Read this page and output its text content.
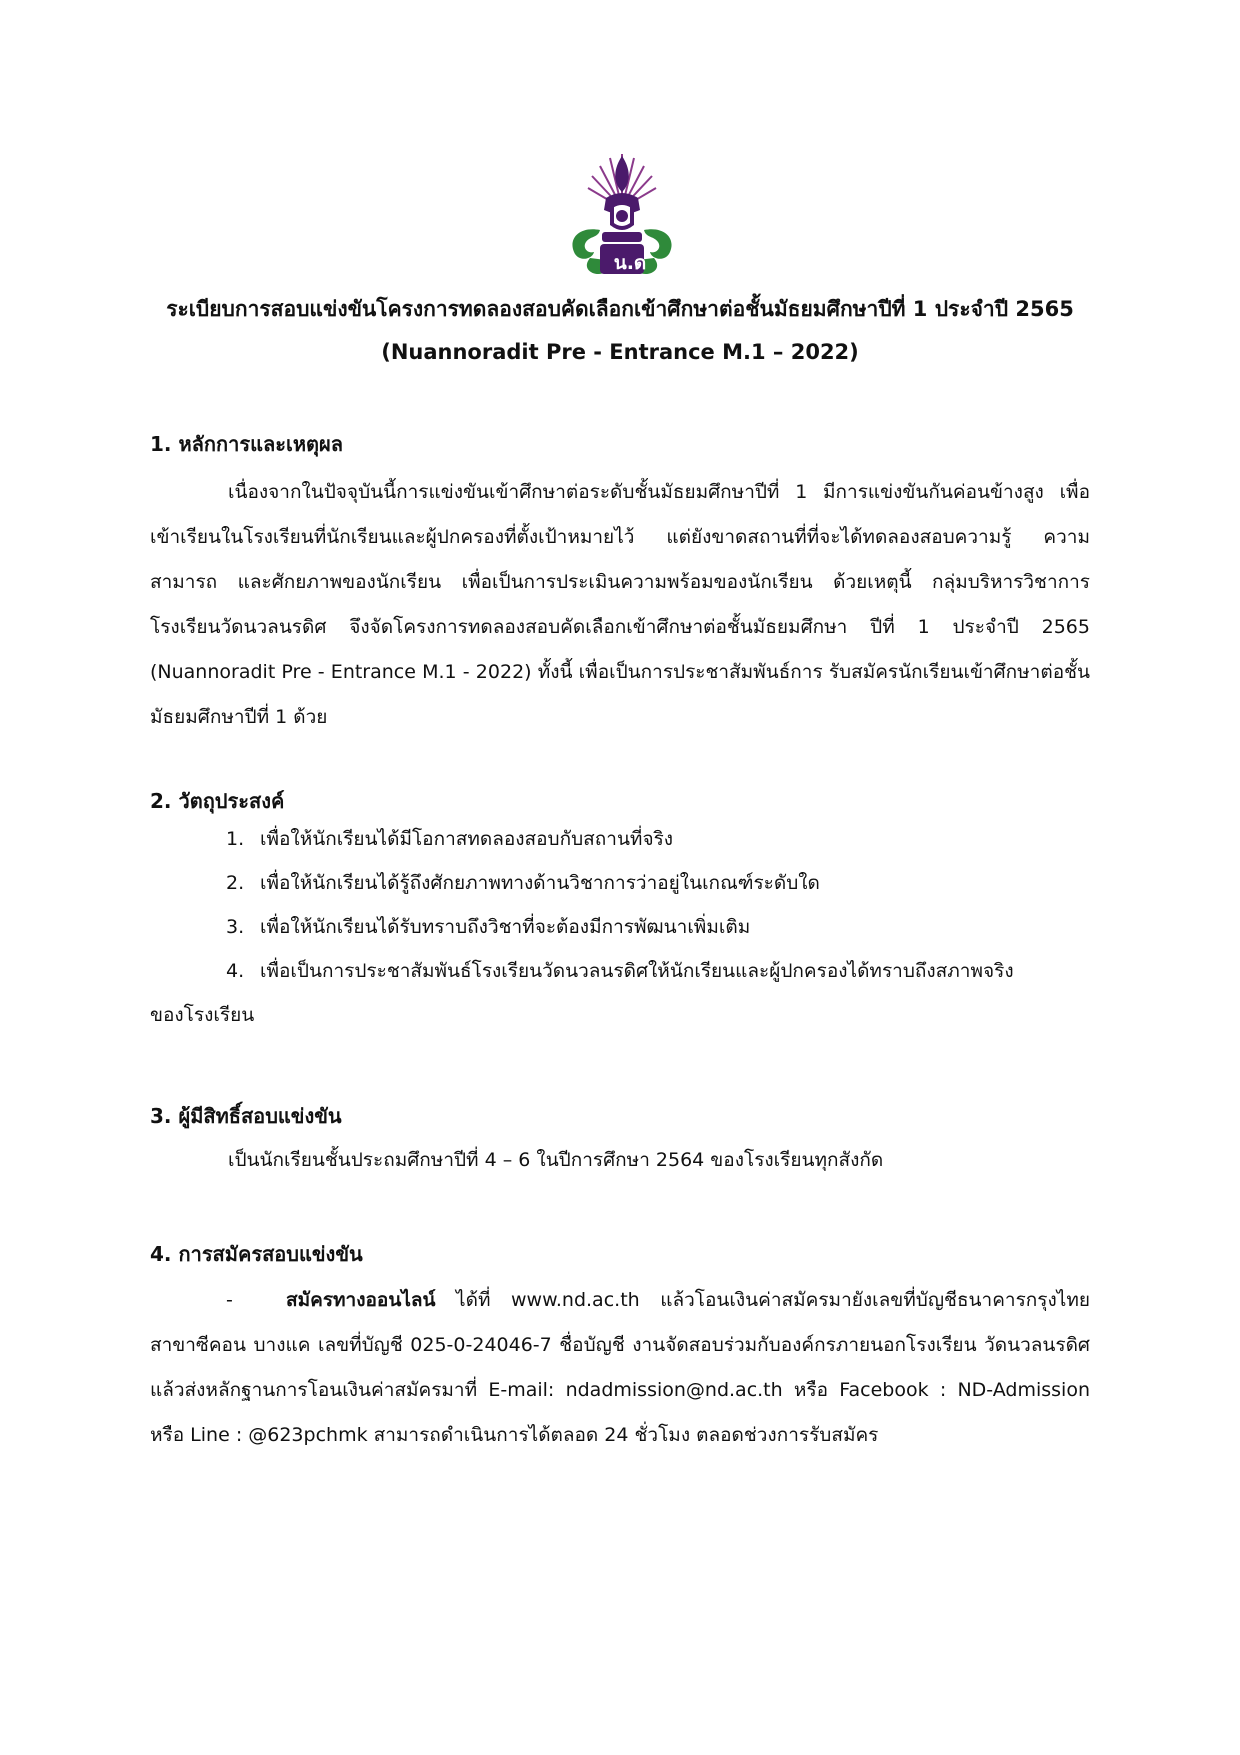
น.ด
ระเบียบการสอบแข่งขันโครงการทดลองสอบคัดเลือกเข้าศึกษาต่อชั้นมัธยมศึกษาปีที่ 1 ประจำปี 2565
(Nuannoradit Pre - Entrance M.1 – 2022)
1. หลักการและเหตุผล

เนื่องจากในปัจจุบันนี้การแข่งขันเข้าศึกษาต่อระดับชั้นมัธยมศึกษาปีที่ 1 มีการแข่งขันกันค่อนข้างสูง เพื่อเข้าเรียนในโรงเรียนที่นักเรียนและผู้ปกครองที่ตั้งเป้าหมายไว้ แต่ยังขาดสถานที่ที่จะได้ทดลองสอบความรู้ ความสามารถ และศักยภาพของนักเรียน เพื่อเป็นการประเมินความพร้อมของนักเรียน ด้วยเหตุนี้ กลุ่มบริหารวิชาการ โรงเรียนวัดนวลนรดิศ จึงจัดโครงการทดลองสอบคัดเลือกเข้าศึกษาต่อชั้นมัธยมศึกษา ปีที่ 1 ประจำปี 2565 (Nuannoradit Pre - Entrance M.1 - 2022) ทั้งนี้ เพื่อเป็นการประชาสัมพันธ์การ รับสมัครนักเรียนเข้าศึกษาต่อชั้นมัธยมศึกษาปีที่ 1 ด้วย

2. วัตถุประสงค์
1. เพื่อให้นักเรียนได้มีโอกาสทดลองสอบกับสถานที่จริง
2. เพื่อให้นักเรียนได้รู้ถึงศักยภาพทางด้านวิชาการว่าอยู่ในเกณฑ์ระดับใด
3. เพื่อให้นักเรียนได้รับทราบถึงวิชาที่จะต้องมีการพัฒนาเพิ่มเติม
4. เพื่อเป็นการประชาสัมพันธ์โรงเรียนวัดนวลนรดิศให้นักเรียนและผู้ปกครองได้ทราบถึงสภาพจริง
ของโรงเรียน
3. ผู้มีสิทธิ์สอบแข่งขัน

เป็นนักเรียนชั้นประถมศึกษาปีที่ 4 – 6 ในปีการศึกษา 2564 ของโรงเรียนทุกสังกัด

4. การสมัครสอบแข่งขัน

-	สมัครทางออนไลน์ ได้ที่ www.nd.ac.th แล้วโอนเงินค่าสมัครมายังเลขที่บัญชีธนาคารกรุงไทย สาขาซีคอน บางแค เลขที่บัญชี 025-0-24046-7 ชื่อบัญชี งานจัดสอบร่วมกับองค์กรภายนอกโรงเรียน วัดนวลนรดิศ แล้วส่งหลักฐานการโอนเงินค่าสมัครมาที่ E-mail: ndadmission@nd.ac.th หรือ Facebook : ND-Admission หรือ Line : @623pchmk สามารถดำเนินการได้ตลอด 24 ชั่วโมง ตลอดช่วงการรับสมัคร
